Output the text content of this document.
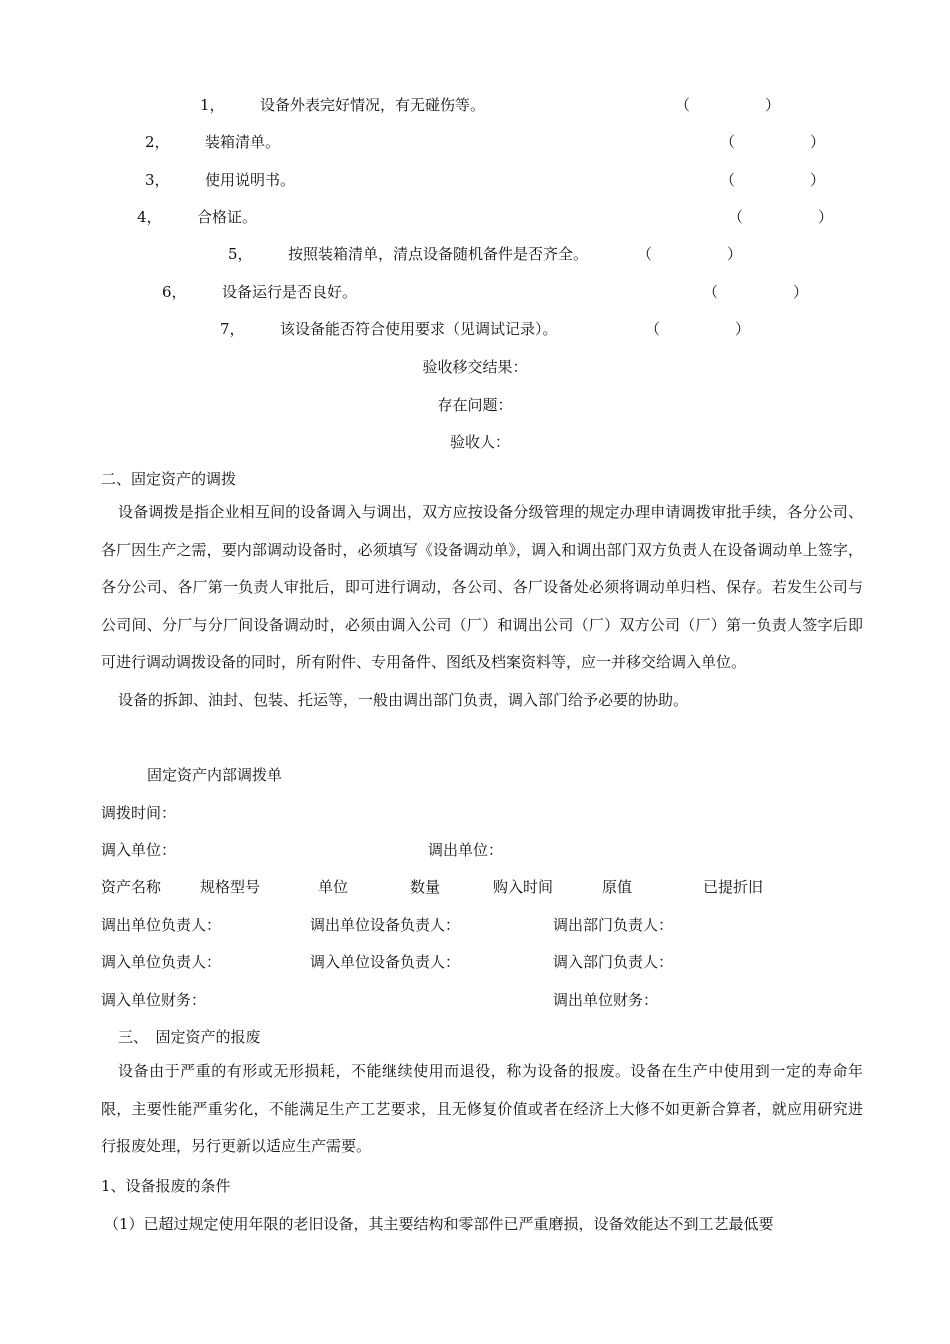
1， 设备外表完好情况，有无碰伤等。	（　　　　　）
2， 装箱清单。	（　　　　　）
3， 使用说明书。	（　　　　　）
4， 合格证。	（　　　　　）
5， 按照装箱清单，清点设备随机备件是否齐全。	（　　　　　）
6， 设备运行是否良好。	（　　　　　）
7， 该设备能否符合使用要求（见调试记录）。	（　　　　　）
验收移交结果：
存在问题：
验收人：
二、固定资产的调拨

设备调拨是指企业相互间的设备调入与调出，双方应按设备分级管理的规定办理申请调拨审批手续，各分公司、各厂因生产之需，要内部调动设备时，必须填写《设备调动单》，调入和调出部门双方负责人在设备调动单上签字，各分公司、各厂第一负责人审批后，即可进行调动，各公司、各厂设备处必须将调动单归档、保存。若发生公司与公司间、分厂与分厂间设备调动时，必须由调入公司（厂）和调出公司（厂）双方公司（厂）第一负责人签字后即可进行调动调拨设备的同时，所有附件、专用备件、图纸及档案资料等，应一并移交给调入单位。

设备的拆卸、油封、包装、托运等，一般由调出部门负责，调入部门给予必要的协助。

固定资产内部调拨单
调拨时间：
调入单位：	调出单位：
资产名称	规格型号	单位	数量	购入时间	原值	已提折旧
调出单位负责人：	调出单位设备负责人：	调出部门负责人：
调入单位负责人：	调入单位设备负责人：	调入部门负责人：
调入单位财务：	调出单位财务：
三、　固定资产的报废

设备由于严重的有形或无形损耗，不能继续使用而退役，称为设备的报废。设备在生产中使用到一定的寿命年限，主要性能严重劣化，不能满足生产工艺要求，且无修复价值或者在经济上大修不如更新合算者，就应用研究进行报废处理，另行更新以适应生产需要。

1、设备报废的条件
（1）已超过规定使用年限的老旧设备，其主要结构和零部件已严重磨损，设备效能达不到工艺最低要
